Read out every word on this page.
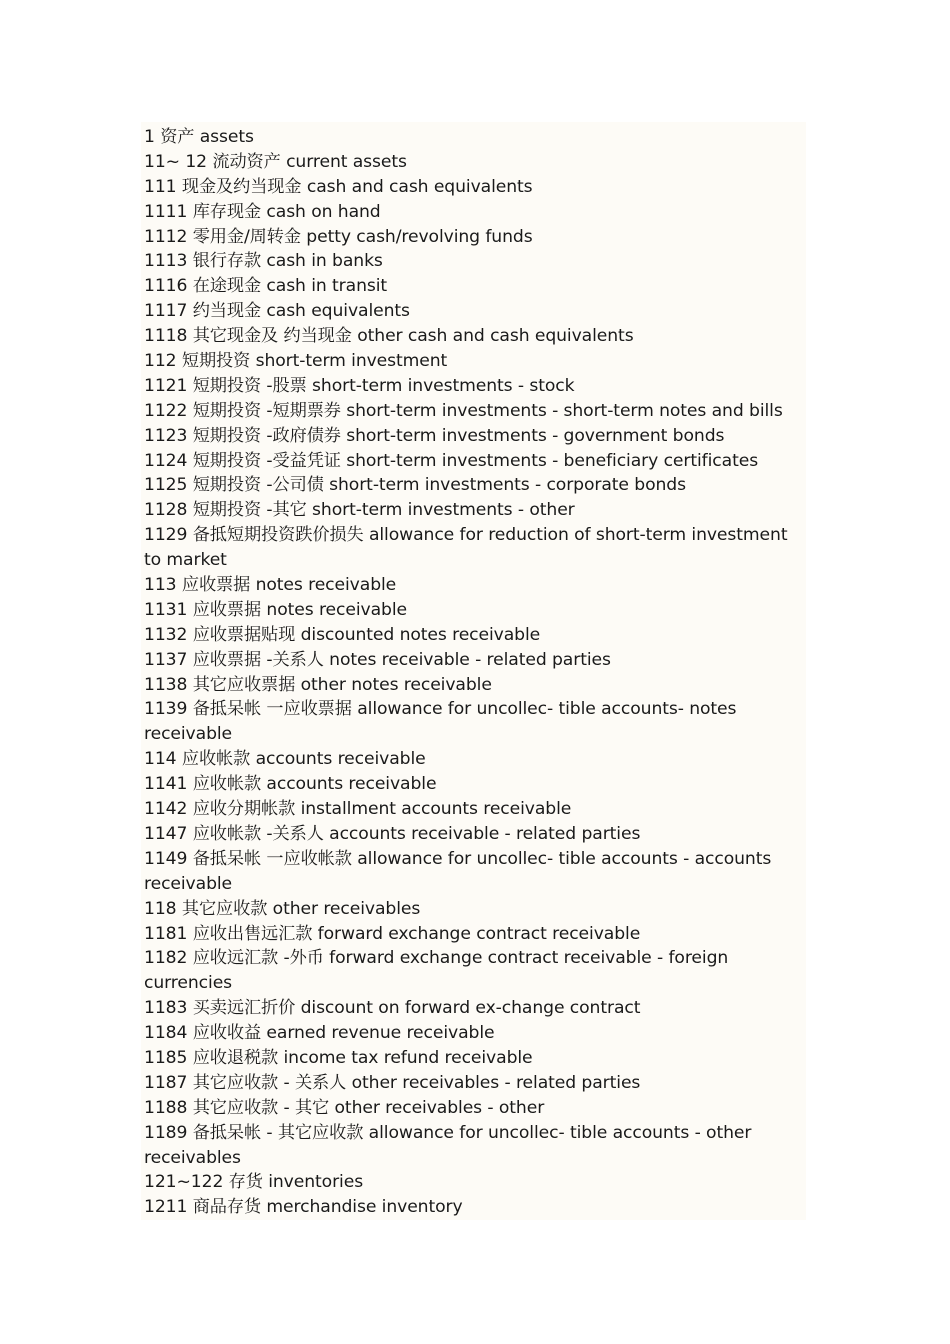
1 资产 assets
11~ 12 流动资产 current assets
111 现金及约当现金 cash and cash equivalents
1111 库存现金 cash on hand
1112 零用金/周转金 petty cash/revolving funds
1113 银行存款 cash in banks
1116 在途现金 cash in transit
1117 约当现金 cash equivalents
1118 其它现金及 约当现金 other cash and cash equivalents
112 短期投资 short-term investment
1121 短期投资 -股票 short-term investments - stock
1122 短期投资 -短期票券 short-term investments - short-term notes and bills
1123 短期投资 -政府债券 short-term investments - government bonds
1124 短期投资 -受益凭证 short-term investments - beneficiary certificates
1125 短期投资 -公司债 short-term investments - corporate bonds
1128 短期投资 -其它 short-term investments - other
1129 备抵短期投资跌价损失 allowance for reduction of short-term investment
to market
113 应收票据 notes receivable
1131 应收票据 notes receivable
1132 应收票据贴现 discounted notes receivable
1137 应收票据 -关系人 notes receivable - related parties
1138 其它应收票据 other notes receivable
1139 备抵呆帐 一应收票据 allowance for uncollec- tible accounts- notes
receivable
114 应收帐款 accounts receivable
1141 应收帐款 accounts receivable
1142 应收分期帐款 installment accounts receivable
1147 应收帐款 -关系人 accounts receivable - related parties
1149 备抵呆帐 一应收帐款 allowance for uncollec- tible accounts - accounts
receivable
118 其它应收款 other receivables
1181 应收出售远汇款 forward exchange contract receivable
1182 应收远汇款 -外币 forward exchange contract receivable - foreign
currencies
1183 买卖远汇折价 discount on forward ex-change contract
1184 应收收益 earned revenue receivable
1185 应收退税款 income tax refund receivable
1187 其它应收款 - 关系人 other receivables - related parties
1188 其它应收款 - 其它 other receivables - other
1189 备抵呆帐 - 其它应收款 allowance for uncollec- tible accounts - other
receivables
121~122 存货 inventories
1211 商品存货 merchandise inventory
